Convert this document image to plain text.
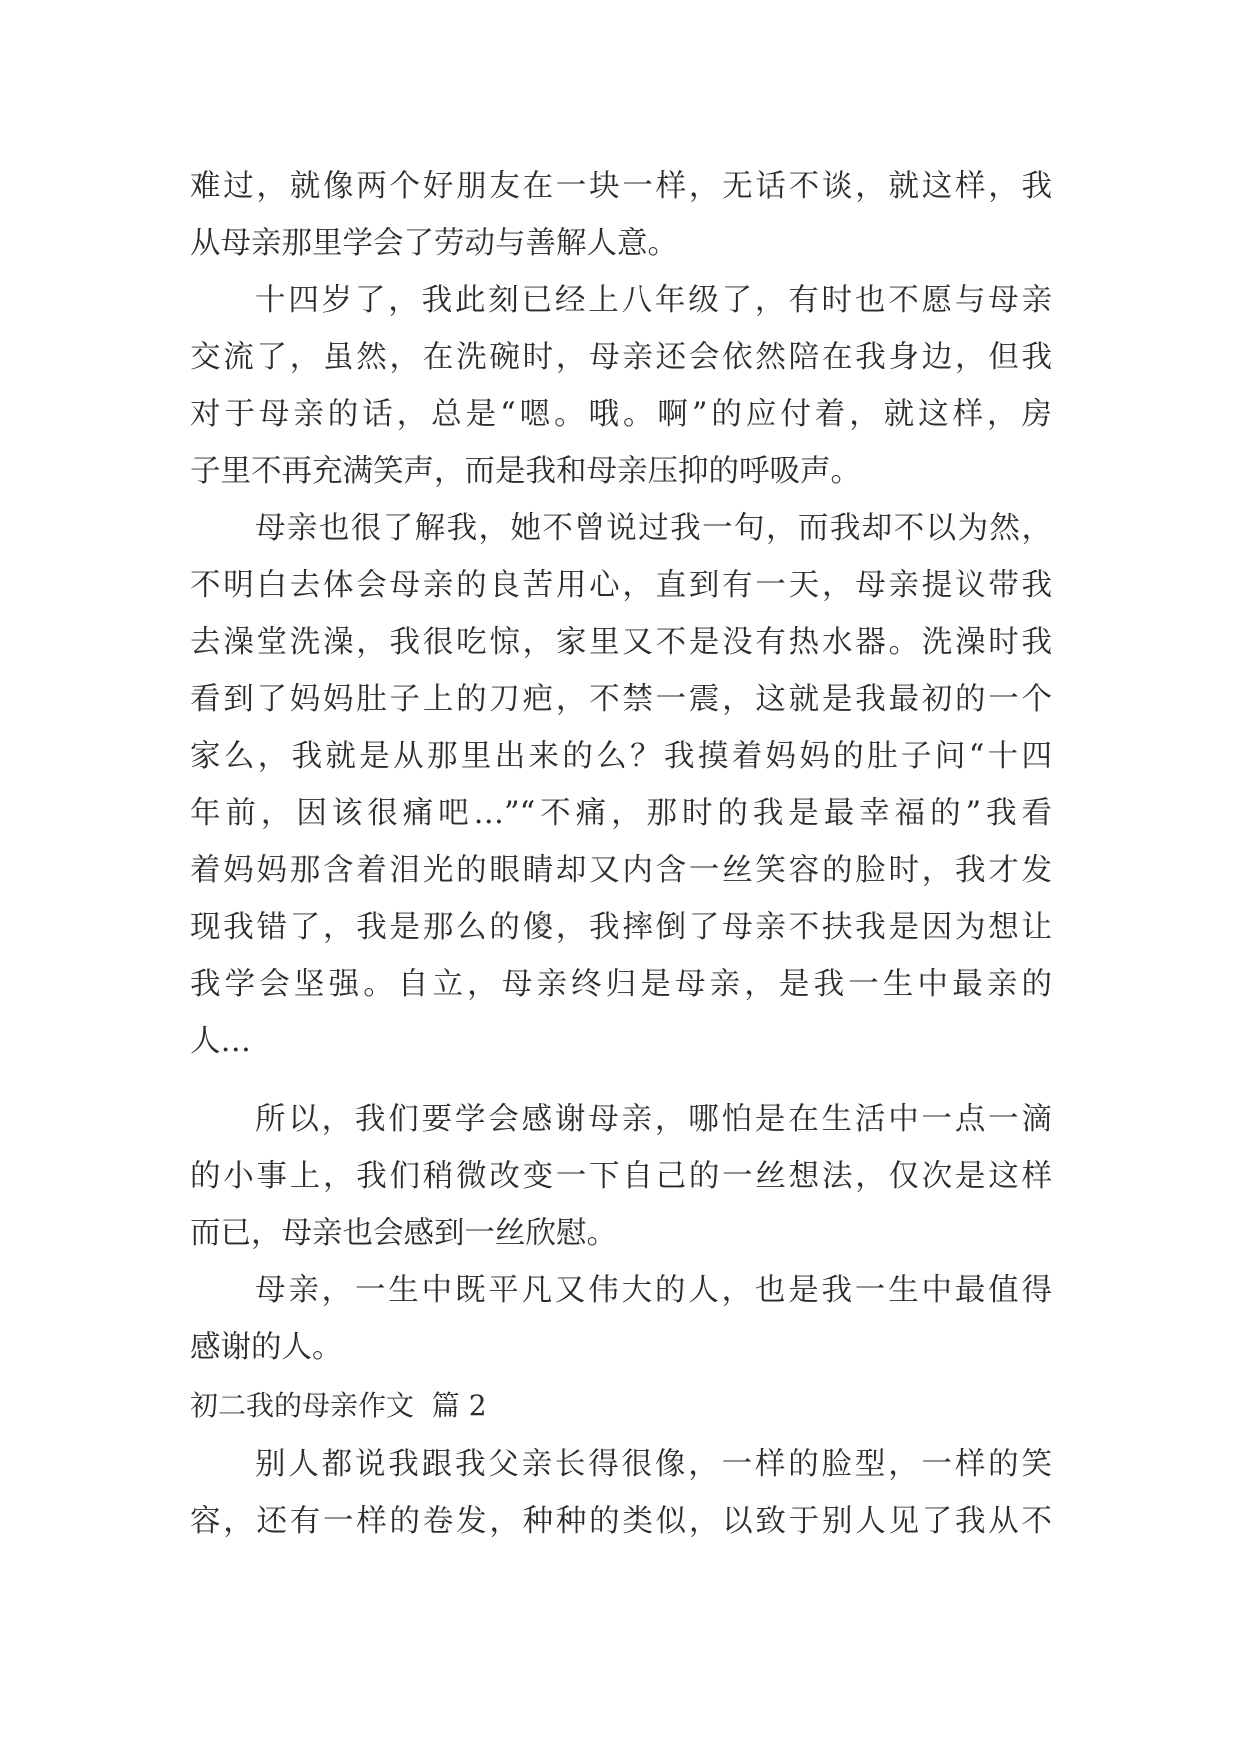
难过，就像两个好朋友在一块一样，无话不谈，就这样，我
从母亲那里学会了劳动与善解人意。
十四岁了，我此刻已经上八年级了，有时也不愿与母亲
交流了，虽然，在洗碗时，母亲还会依然陪在我身边，但我
对于母亲的话，总是“嗯。哦。啊”的应付着，就这样，房
子里不再充满笑声，而是我和母亲压抑的呼吸声。
母亲也很了解我，她不曾说过我一句，而我却不以为然，
不明白去体会母亲的良苦用心，直到有一天，母亲提议带我
去澡堂洗澡，我很吃惊，家里又不是没有热水器。洗澡时我
看到了妈妈肚子上的刀疤，不禁一震，这就是我最初的一个
家么，我就是从那里出来的么？我摸着妈妈的肚子问“十四
年前，因该很痛吧…”“不痛，那时的我是最幸福的”我看
着妈妈那含着泪光的眼睛却又内含一丝笑容的脸时，我才发
现我错了，我是那么的傻，我摔倒了母亲不扶我是因为想让
我学会坚强。自立，母亲终归是母亲，是我一生中最亲的
人…
所以，我们要学会感谢母亲，哪怕是在生活中一点一滴
的小事上，我们稍微改变一下自己的一丝想法，仅次是这样
而已，母亲也会感到一丝欣慰。
母亲，一生中既平凡又伟大的人，也是我一生中最值得
感谢的人。
初二我的母亲作文  篇 2
别人都说我跟我父亲长得很像，一样的脸型，一样的笑
容，还有一样的卷发，种种的类似，以致于别人见了我从不
